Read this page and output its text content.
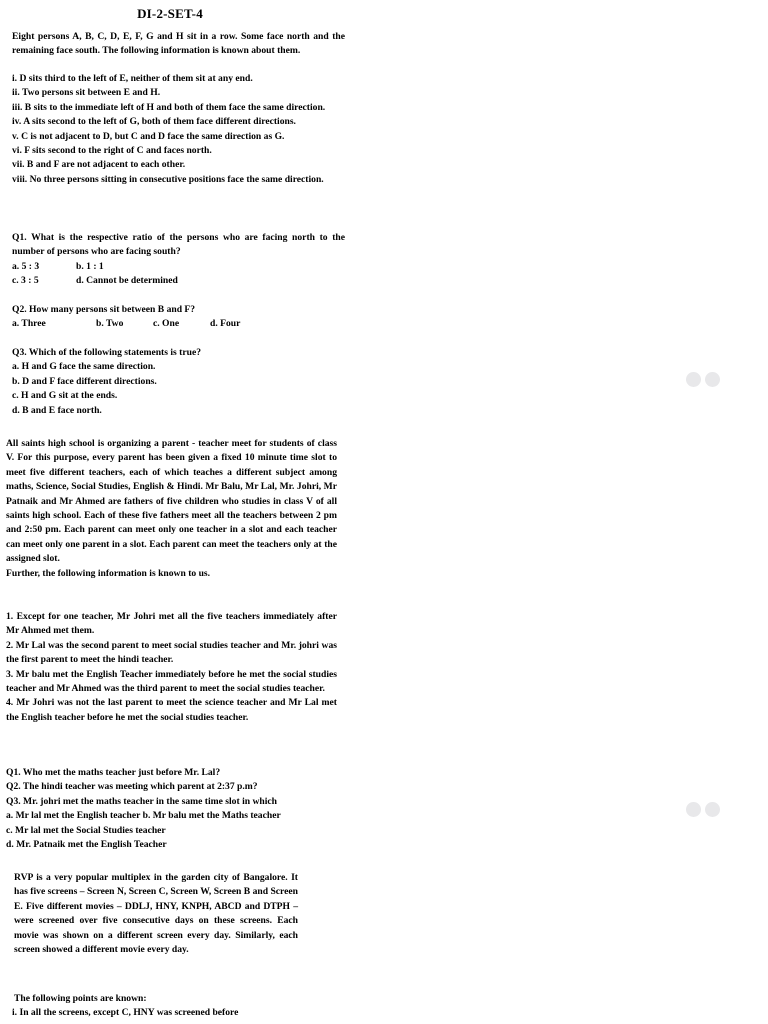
DI-2-SET-4
Eight persons A, B, C, D, E, F, G and H sit in a row. Some face north and the remaining face south. The following information is known about them.

i. D sits third to the left of E, neither of them sit at any end.

ii. Two persons sit between E and H.

iii. B sits to the immediate left of H and both of them face the same direction.

iv. A sits second to the left of G, both of them face different directions.

v. C is not adjacent to D, but C and D face the same direction as G.

vi. F sits second to the right of C and faces north.

vii. B and F are not adjacent to each other.

viii. No three persons sitting in consecutive positions face the same direction.

Q1. What is the respective ratio of the persons who are facing north to the number of persons who are facing south?

a. 5 : 3	b. 1 : 1
c. 3 : 5	d. Cannot be determined

Q2. How many persons sit between B and F?

a. Three	b. Two	c. One	d. Four

Q3. Which of the following statements is true?

a. H and G face the same direction.

b. D and F face different directions.

c. H and G sit at the ends.

d. B and E face north.

All saints high school is organizing a parent - teacher meet for students of class V. For this purpose, every parent has been given a fixed 10 minute time slot to meet five different teachers, each of which teaches a different subject among maths, Science, Social Studies, English & Hindi. Mr Balu, Mr Lal, Mr. Johri, Mr Patnaik and Mr Ahmed are fathers of five children who studies in class V of all saints high school. Each of these five fathers meet all the teachers between 2 pm and 2:50 pm. Each parent can meet only one teacher in a slot and each teacher can meet only one parent in a slot. Each parent can meet the teachers only at the assigned slot.

Further, the following information is known to us.

1. Except for one teacher, Mr Johri met all the five teachers immediately after Mr Ahmed met them.

2. Mr Lal was the second parent to meet social studies teacher and Mr. johri was the first parent to meet the hindi teacher.

3. Mr balu met the English Teacher immediately before he met the social studies teacher and Mr Ahmed was the third parent to meet the social studies teacher.

4. Mr Johri was not the last parent to meet the science teacher and Mr Lal met the English teacher before he met the social studies teacher.

Q1. Who met the maths teacher just before Mr. Lal?

Q2. The hindi teacher was meeting which parent at 2:37 p.m?

Q3. Mr. johri met the maths teacher in the same time slot in which

a. Mr lal met the English teacher b. Mr balu met the Maths teacher

c. Mr lal met the Social Studies teacher

d. Mr. Patnaik met the English Teacher

RVP is a very popular multiplex in the garden city of Bangalore. It has five screens – Screen N, Screen C, Screen W, Screen B and Screen E. Five different movies – DDLJ, HNY, KNPH, ABCD and DTPH – were screened over five consecutive days on these screens. Each movie was shown on a different screen every day. Similarly, each screen showed a different movie every day.

The following points are known:

i. In all the screens, except C, HNY was screened before
